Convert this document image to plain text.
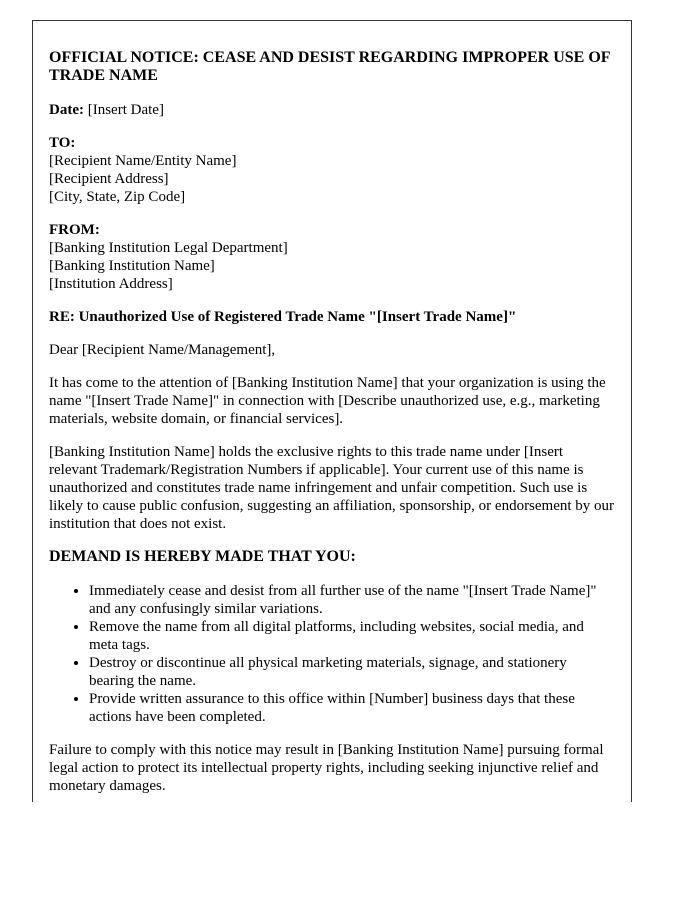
OFFICIAL NOTICE: CEASE AND DESIST REGARDING IMPROPER USE OF TRADE NAME

Date: [Insert Date]

TO:
[Recipient Name/Entity Name]
[Recipient Address]
[City, State, Zip Code]

FROM:
[Banking Institution Legal Department]
[Banking Institution Name]
[Institution Address]

RE: Unauthorized Use of Registered Trade Name "[Insert Trade Name]"

Dear [Recipient Name/Management],

It has come to the attention of [Banking Institution Name] that your organization is using the name "[Insert Trade Name]" in connection with [Describe unauthorized use, e.g., marketing materials, website domain, or financial services].

[Banking Institution Name] holds the exclusive rights to this trade name under [Insert relevant Trademark/Registration Numbers if applicable]. Your current use of this name is unauthorized and constitutes trade name infringement and unfair competition. Such use is likely to cause public confusion, suggesting an affiliation, sponsorship, or endorsement by our institution that does not exist.

DEMAND IS HEREBY MADE THAT YOU:
• Immediately cease and desist from all further use of the name "[Insert Trade Name]" and any confusingly similar variations.
• Remove the name from all digital platforms, including websites, social media, and meta tags.
• Destroy or discontinue all physical marketing materials, signage, and stationery bearing the name.
• Provide written assurance to this office within [Number] business days that these actions have been completed.

Failure to comply with this notice may result in [Banking Institution Name] pursuing formal legal action to protect its intellectual property rights, including seeking injunctive relief and monetary damages.
